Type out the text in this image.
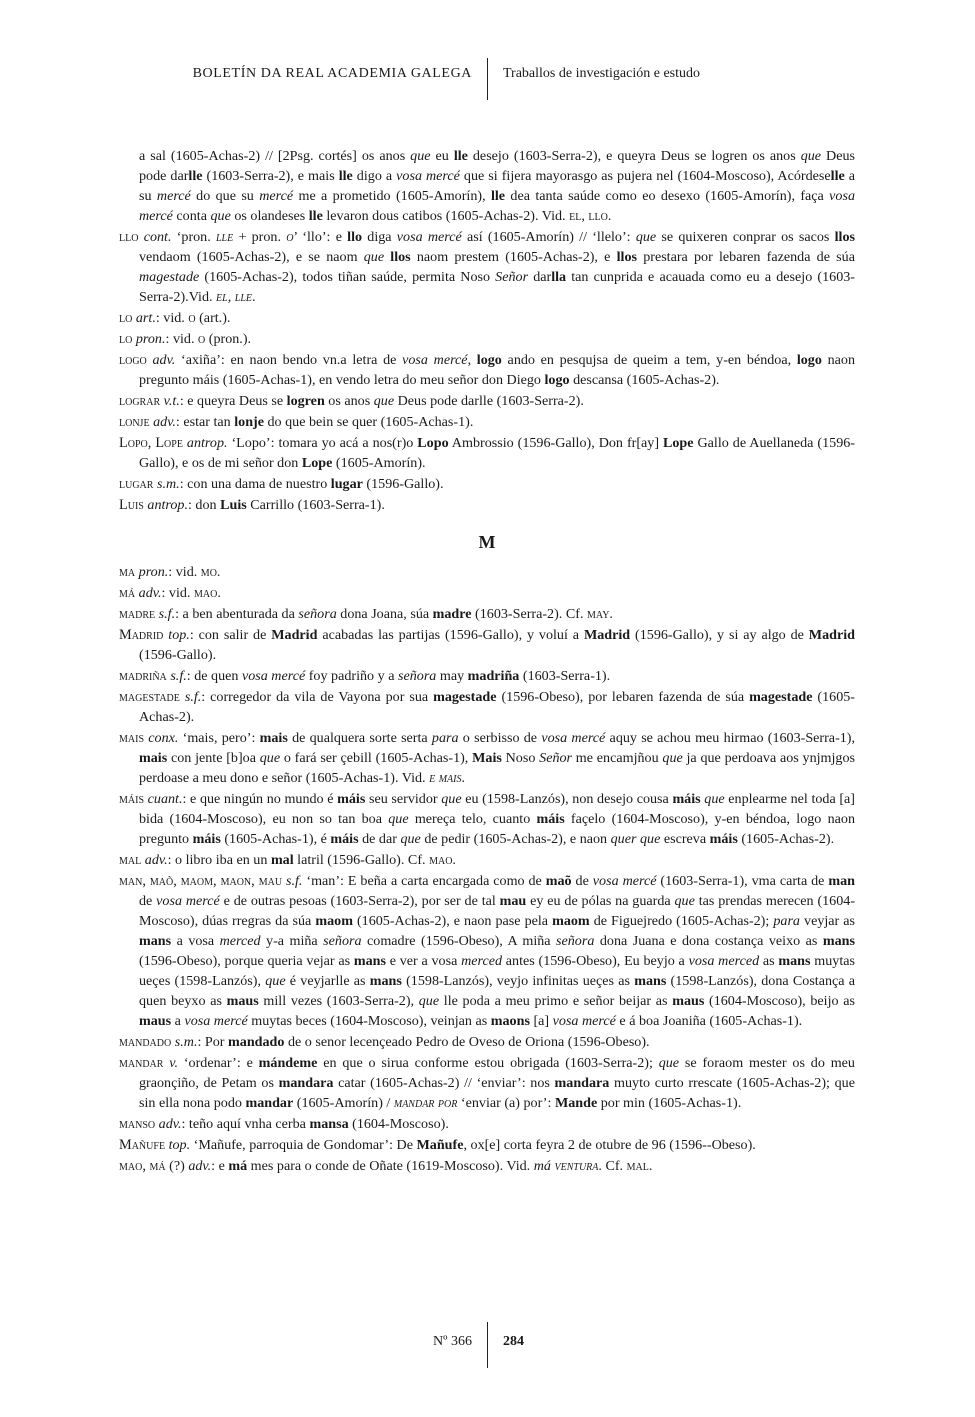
BOLETÍN DA REAL ACADEMIA GALEGA Traballos de investigación e estudo

a sal (1605-Achas-2) // [2Psg. cortés] os anos que eu lle desejo (1603-Serra-2), e queyra Deus se logren os anos que Deus pode darlle (1603-Serra-2), e mais lle digo a vosa mercé que si fijera mayorasgo as pujera nel (1604-Moscoso), Acórdeselle a su mercé do que su mercé me a prometido (1605-Amorín), lle dea tanta saúde como eo desexo (1605-Amorín), faça vosa mercé conta que os olandeses lle levaron dous catibos (1605-Achas-2). Vid. el, llo.

llo cont. ‘pron. lle + pron. o’ ‘llo’: e llo diga vosa mercé así (1605-Amorín) // ‘llelo’: que se quixeren conprar os sacos llos vendaom (1605-Achas-2), e se naom que llos naom prestem (1605-Achas-2), e llos prestara por lebaren fazenda de súa magestade (1605-Achas-2), todos tiñan saúde, permita Noso Señor darlla tan cunprida e acauada como eu a desejo (1603-Serra-2).Vid. el, lle.

lo art.: vid. o (art.).

lo pron.: vid. o (pron.).

logo adv. ‘axiña’: en naon bendo vn.a letra de vosa mercé, logo ando en pesqujsa de queim a tem, y-en béndoa, logo naon pregunto máis (1605-Achas-1), en vendo letra do meu señor don Diego logo descansa (1605-Achas-2).

lograr v.t.: e queyra Deus se logren os anos que Deus pode darlle (1603-Serra-2).

lonje adv.: estar tan lonje do que bein se quer (1605-Achas-1).

Lopo, Lope antrop. ‘Lopo’: tomara yo acá a nos(r)o Lopo Ambrossio (1596-Gallo), Don fr[ay] Lope Gallo de Auellaneda (1596-Gallo), e os de mi señor don Lope (1605-Amorín).

lugar s.m.: con una dama de nuestro lugar (1596-Gallo).

Luis antrop.: don Luis Carrillo (1603-Serra-1).

M

ma pron.: vid. mo.

má adv.: vid. mao.

madre s.f.: a ben abenturada da señora dona Joana, súa madre (1603-Serra-2). Cf. may.

Madrid top.: con salir de Madrid acabadas las partijas (1596-Gallo), y voluí a Madrid (1596-Gallo), y si ay algo de Madrid (1596-Gallo).

madriña s.f.: de quen vosa mercé foy padriño y a señora may madriña (1603-Serra-1).

magestade s.f.: corregedor da vila de Vayona por sua magestade (1596-Obeso), por lebaren fazenda de súa magestade (1605-Achas-2).

mais conx. ‘mais, pero’: mais de qualquera sorte serta para o serbisso de vosa mercé aquy se achou meu hirmao (1603-Serra-1), mais con jente [b]oa que o fará ser çebill (1605-Achas-1), Mais Noso Señor me encamjñou que ja que perdoava aos ynjmjgos perdoase a meu dono e señor (1605-Achas-1). Vid. e mais.

máis cuant.: e que ningún no mundo é máis seu servidor que eu (1598-Lanzós), non desejo cousa máis que enplearme nel toda [a] bida (1604-Moscoso), eu non so tan boa que mereça telo, cuanto máis façelo (1604-Moscoso), y-en béndoa, logo naon pregunto máis (1605-Achas-1), é máis de dar que de pedir (1605-Achas-2), e naon quer que escreva máis (1605-Achas-2).

mal adv.: o libro iba en un mal latril (1596-Gallo). Cf. mao.

man, maõ, maom, maon, mau s.f. ‘man’: E beña a carta encargada como de maõ de vosa mercé (1603-Serra-1), vma carta de man de vosa mercé e de outras pesoas (1603-Serra-2), por ser de tal mau ey eu de pólas na guarda que tas prendas merecen (1604-Moscoso), dúas rregras da súa maom (1605-Achas-2), e naon pase pela maom de Figuejredo (1605-Achas-2); para veyjar as mans a vosa merced y-a miña señora comadre (1596-Obeso), A miña señora dona Juana e dona costança veixo as mans (1596-Obeso), porque queria vejar as mans e ver a vosa merced antes (1596-Obeso), Eu beyjo a vosa merced as mans muytas ueçes (1598-Lanzós), que é veyjarlle as mans (1598-Lanzós), veyjo infinitas ueçes as mans (1598-Lanzós), dona Costança a quen beyxo as maus mill vezes (1603-Serra-2), que lle poda a meu primo e señor beijar as maus (1604-Moscoso), beijo as maus a vosa mercé muytas beces (1604-Moscoso), veinjan as maons [a] vosa mercé e á boa Joaniña (1605-Achas-1).

mandado s.m.: Por mandado de o senor lecençeado Pedro de Oveso de Oriona (1596-Obeso).

mandar v. ‘ordenar’: e mándeme en que o sirua conforme estou obrigada (1603-Serra-2); que se foraom mester os do meu graonçiño, de Petam os mandara catar (1605-Achas-2) // ‘enviar’: nos mandara muyto curto rrescate (1605-Achas-2); que sin ella nona podo mandar (1605-Amorín) / mandar por ‘enviar (a) por’: Mande por min (1605-Achas-1).

manso adv.: teño aquí vnha cerba mansa (1604-Moscoso).

Mañufe top. ‘Mañufe, parroquia de Gondomar’: De Mañufe, ox[e] corta feyra 2 de otubre de 96 (1596--Obeso).

mao, má (?) adv.: e má mes para o conde de Oñate (1619-Moscoso). Vid. má ventura. Cf. mal.

Nº 366 284
